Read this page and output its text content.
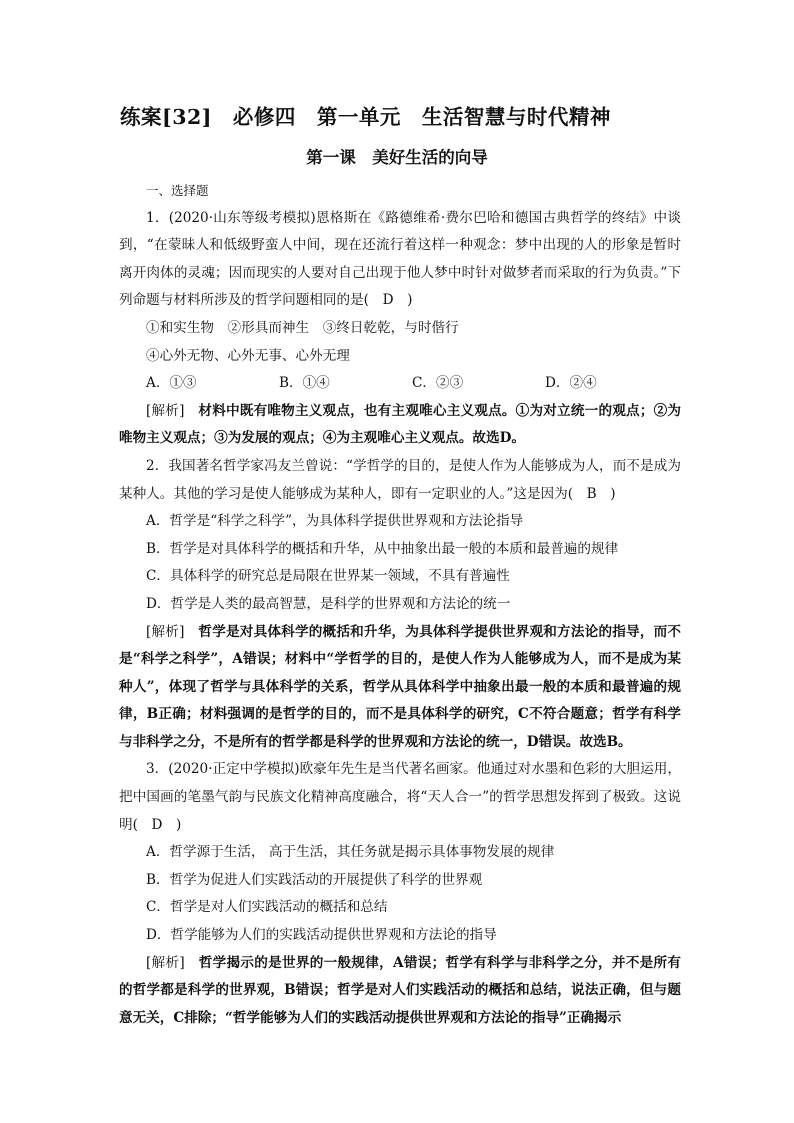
练案[32]　必修四　第一单元　生活智慧与时代精神
第一课　美好生活的向导

一、选择题

1．(2020·山东等级考模拟)恩格斯在《路德维希·费尔巴哈和德国古典哲学的终结》中谈到，“在蒙昧人和低级野蛮人中间，现在还流行着这样一种观念：梦中出现的人的形象是暂时离开肉体的灵魂；因而现实的人要对自己出现于他人梦中时针对做梦者而采取的行为负责。”下列命题与材料所涉及的哲学问题相同的是(　D　)

①和实生物　②形具而神生　③终日乾乾，与时偕行

④心外无物、心外无事、心外无理

A．①③	B．①④	C．②③	D．②④

[解析]　材料中既有唯物主义观点，也有主观唯心主义观点。①为对立统一的观点；②为唯物主义观点；③为发展的观点；④为主观唯心主义观点。故选D。

2．我国著名哲学家冯友兰曾说：“学哲学的目的，是使人作为人能够成为人，而不是成为某种人。其他的学习是使人能够成为某种人，即有一定职业的人。”这是因为(　B　)

A．哲学是“科学之科学”，为具体科学提供世界观和方法论指导

B．哲学是对具体科学的概括和升华，从中抽象出最一般的本质和最普遍的规律

C．具体科学的研究总是局限在世界某一领域，不具有普遍性

D．哲学是人类的最高智慧，是科学的世界观和方法论的统一

[解析]　哲学是对具体科学的概括和升华，为具体科学提供世界观和方法论的指导，而不是“科学之科学”，A错误；材料中“学哲学的目的，是使人作为人能够成为人，而不是成为某种人”，体现了哲学与具体科学的关系，哲学从具体科学中抽象出最一般的本质和最普遍的规律，B正确；材料强调的是哲学的目的，而不是具体科学的研究，C不符合题意；哲学有科学与非科学之分，不是所有的哲学都是科学的世界观和方法论的统一，D错误。故选B。

3．(2020·正定中学模拟)欧豪年先生是当代著名画家。他通过对水墨和色彩的大胆运用，把中国画的笔墨气韵与民族文化精神高度融合，将“天人合一”的哲学思想发挥到了极致。这说明(　D　)

A．哲学源于生活， 高于生活，其任务就是揭示具体事物发展的规律

B．哲学为促进人们实践活动的开展提供了科学的世界观

C．哲学是对人们实践活动的概括和总结

D．哲学能够为人们的实践活动提供世界观和方法论的指导

[解析]　哲学揭示的是世界的一般规律，A错误；哲学有科学与非科学之分，并不是所有的哲学都是科学的世界观，B错误；哲学是对人们实践活动的概括和总结，说法正确，但与题意无关，C排除；“哲学能够为人们的实践活动提供世界观和方法论的指导”正确揭示
